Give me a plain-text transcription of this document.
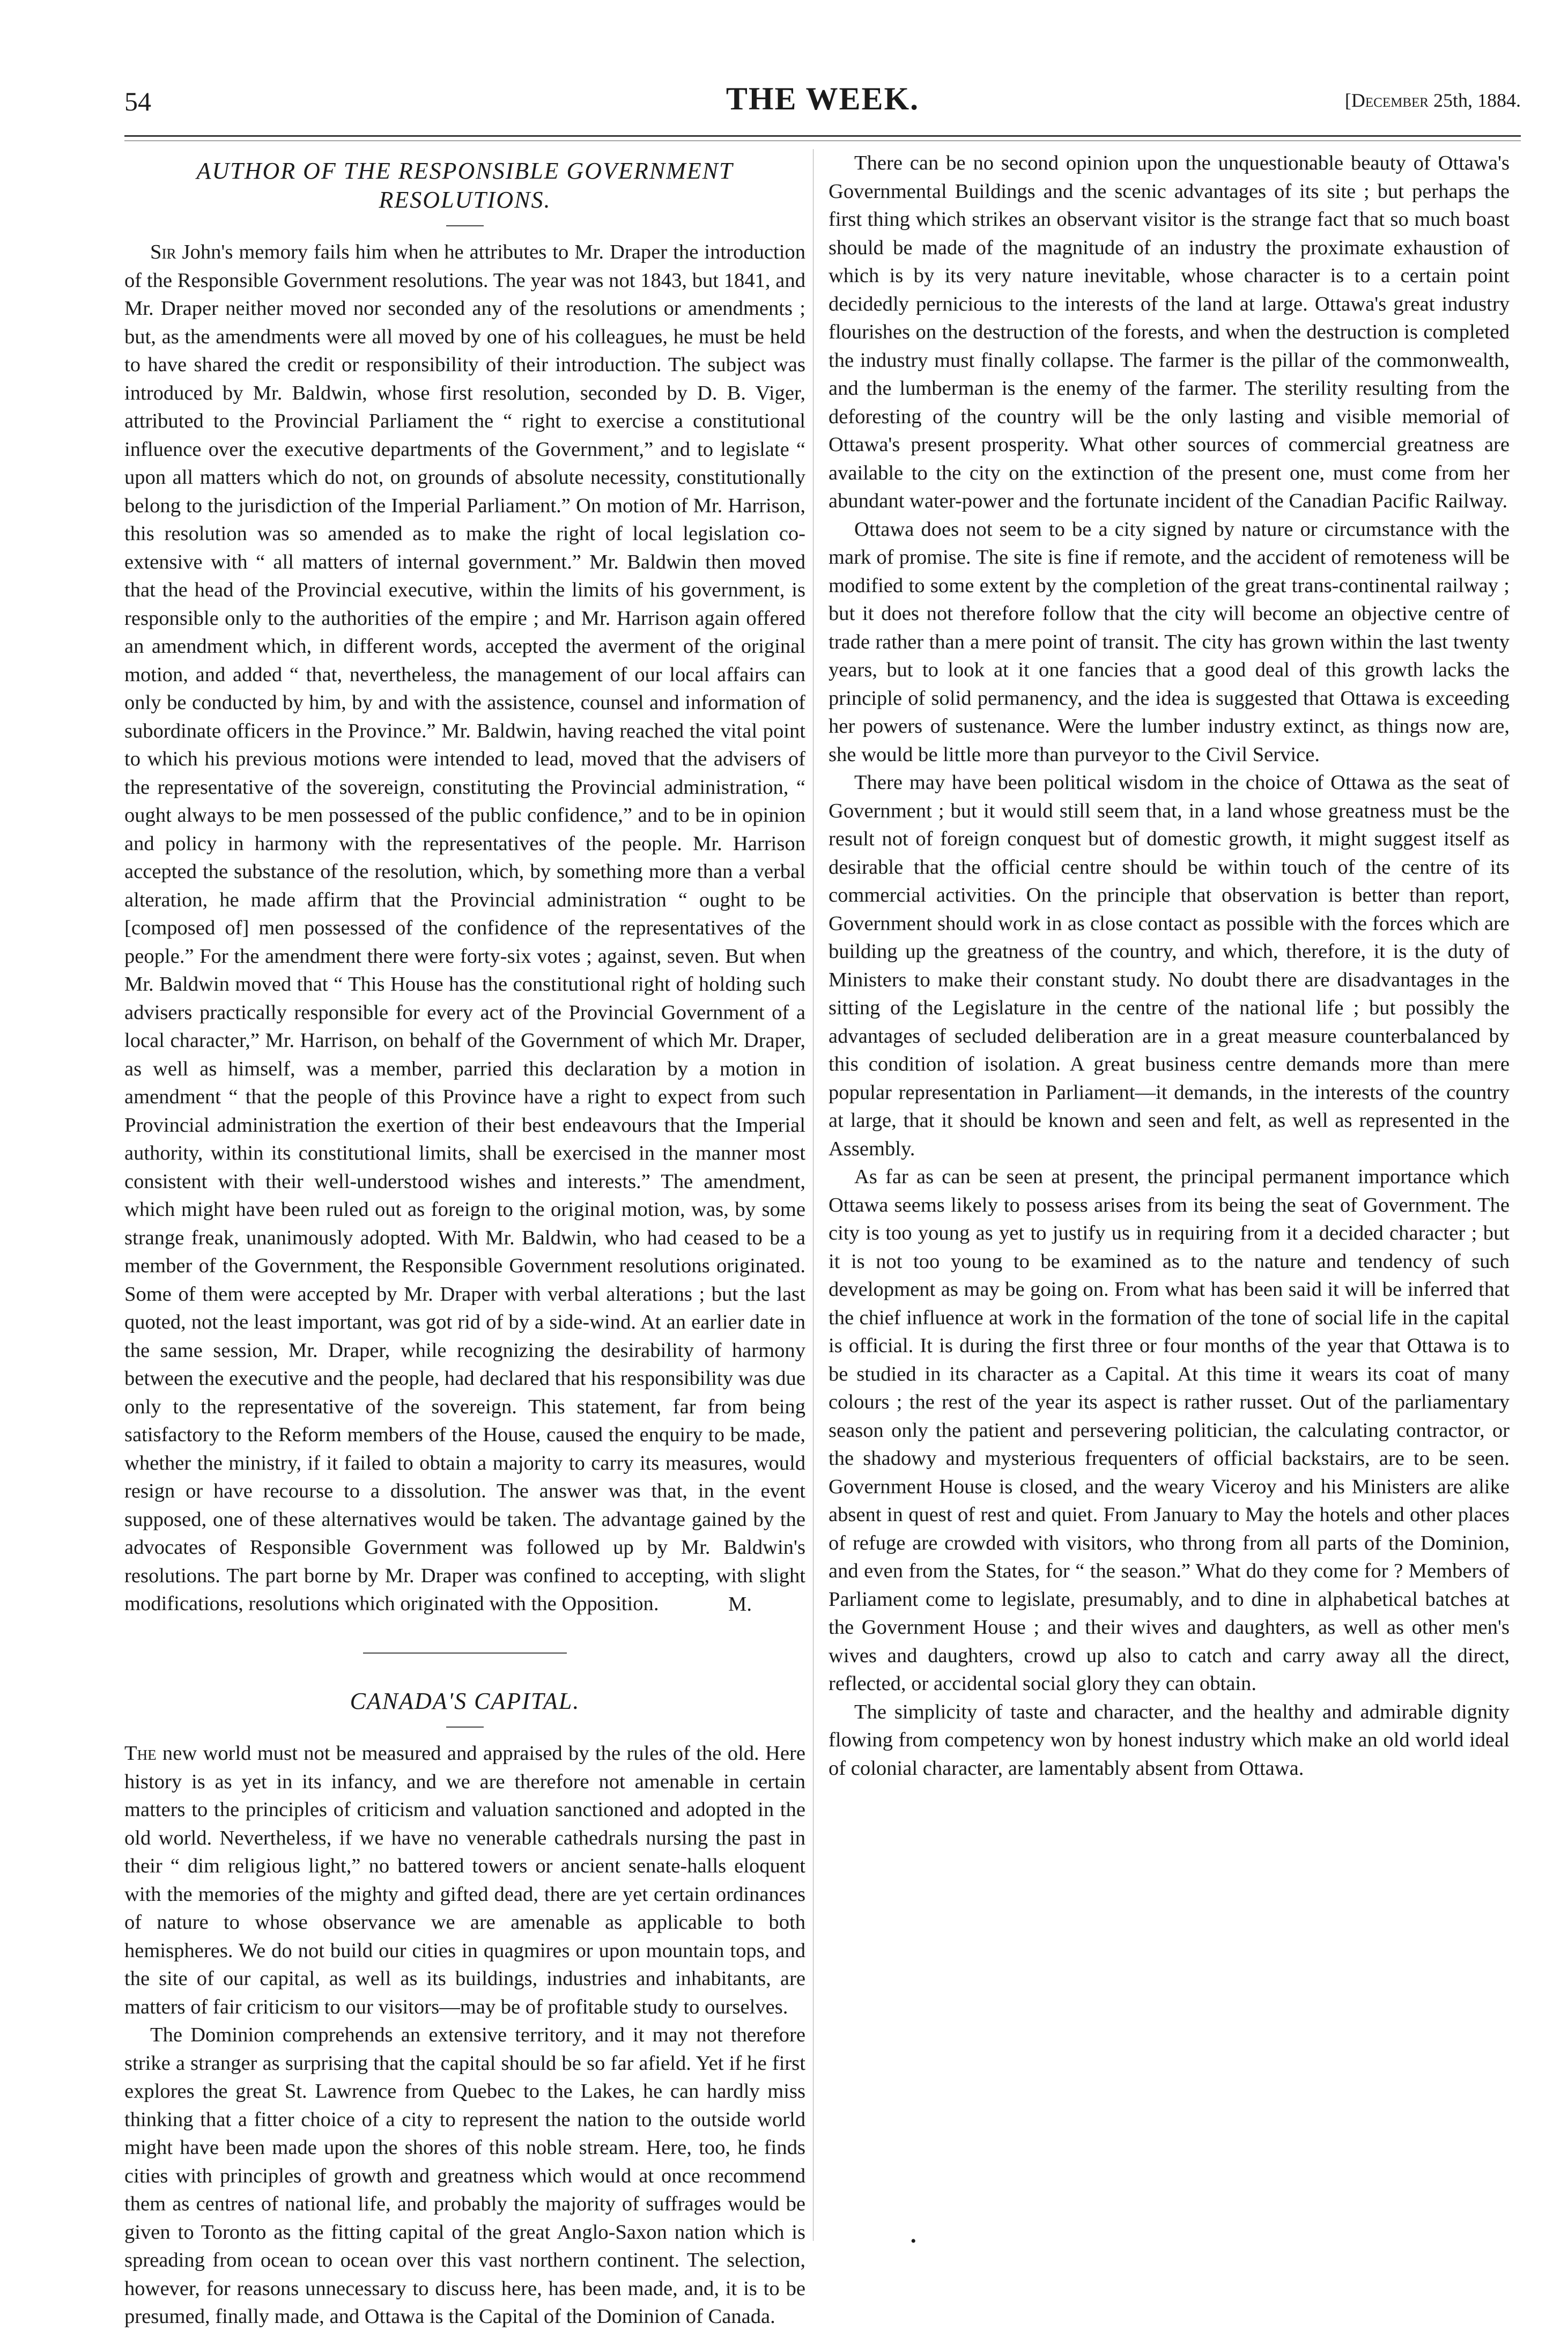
54	THE WEEK.	[December 25th, 1884.
AUTHOR OF THE RESPONSIBLE GOVERNMENT RESOLUTIONS.

Sir John's memory fails him when he attributes to Mr. Draper the introduction of the Responsible Government resolutions. The year was not 1843, but 1841, and Mr. Draper neither moved nor seconded any of the resolutions or amendments ; but, as the amendments were all moved by one of his colleagues, he must be held to have shared the credit or responsibility of their introduction. The subject was introduced by Mr. Baldwin, whose first resolution, seconded by D. B. Viger, attributed to the Provincial Parliament the “ right to exercise a constitutional influence over the executive departments of the Government,” and to legislate “ upon all matters which do not, on grounds of absolute necessity, constitutionally belong to the jurisdiction of the Imperial Parliament.” On motion of Mr. Harrison, this resolution was so amended as to make the right of local legislation co-extensive with “ all matters of internal government.” Mr. Baldwin then moved that the head of the Provincial executive, within the limits of his government, is responsible only to the authorities of the empire ; and Mr. Harrison again offered an amendment which, in different words, accepted the averment of the original motion, and added “ that, nevertheless, the management of our local affairs can only be conducted by him, by and with the assistence, counsel and information of subordinate officers in the Province.” Mr. Baldwin, having reached the vital point to which his previous motions were intended to lead, moved that the advisers of the representative of the sovereign, constituting the Provincial administration, “ ought always to be men possessed of the public confidence,” and to be in opinion and policy in harmony with the representatives of the people. Mr. Harrison accepted the substance of the resolution, which, by something more than a verbal alteration, he made affirm that the Provincial administration “ ought to be [composed of] men possessed of the confidence of the representatives of the people.” For the amendment there were forty-six votes ; against, seven. But when Mr. Baldwin moved that “ This House has the constitutional right of holding such advisers practically responsible for every act of the Provincial Government of a local character,” Mr. Harrison, on behalf of the Government of which Mr. Draper, as well as himself, was a member, parried this declaration by a motion in amendment “ that the people of this Province have a right to expect from such Provincial administration the exertion of their best endeavours that the Imperial authority, within its constitutional limits, shall be exercised in the manner most consistent with their well-understood wishes and interests.” The amendment, which might have been ruled out as foreign to the original motion, was, by some strange freak, unanimously adopted. With Mr. Baldwin, who had ceased to be a member of the Government, the Responsible Government resolutions originated. Some of them were accepted by Mr. Draper with verbal alterations ; but the last quoted, not the least important, was got rid of by a side-wind. At an earlier date in the same session, Mr. Draper, while recognizing the desirability of harmony between the executive and the people, had declared that his responsibility was due only to the representative of the sovereign. This statement, far from being satisfactory to the Reform members of the House, caused the enquiry to be made, whether the ministry, if it failed to obtain a majority to carry its measures, would resign or have recourse to a dissolution. The answer was that, in the event supposed, one of these alternatives would be taken. The advantage gained by the advocates of Responsible Government was followed up by Mr. Baldwin's resolutions. The part borne by Mr. Draper was confined to accepting, with slight modifications, resolutions which originated with the Opposition.	M.
CANADA'S CAPITAL.

The new world must not be measured and appraised by the rules of the old. Here history is as yet in its infancy, and we are therefore not amenable in certain matters to the principles of criticism and valuation sanctioned and adopted in the old world. Nevertheless, if we have no venerable cathedrals nursing the past in their “ dim religious light,” no battered towers or ancient senate-halls eloquent with the memories of the mighty and gifted dead, there are yet certain ordinances of nature to whose observance we are amenable as applicable to both hemispheres. We do not build our cities in quagmires or upon mountain tops, and the site of our capital, as well as its buildings, industries and inhabitants, are matters of fair criticism to our visitors—may be of profitable study to ourselves.

The Dominion comprehends an extensive territory, and it may not therefore strike a stranger as surprising that the capital should be so far afield. Yet if he first explores the great St. Lawrence from Quebec to the Lakes, he can hardly miss thinking that a fitter choice of a city to represent the nation to the outside world might have been made upon the shores of this noble stream. Here, too, he finds cities with principles of growth and greatness which would at once recommend them as centres of national life, and probably the majority of suffrages would be given to Toronto as the fitting capital of the great Anglo-Saxon nation which is spreading from ocean to ocean over this vast northern continent. The selection, however, for reasons unnecessary to discuss here, has been made, and, it is to be presumed, finally made, and Ottawa is the Capital of the Dominion of Canada.

There can be no second opinion upon the unquestionable beauty of Ottawa's Governmental Buildings and the scenic advantages of its site ; but perhaps the first thing which strikes an observant visitor is the strange fact that so much boast should be made of the magnitude of an industry the proximate exhaustion of which is by its very nature inevitable, whose character is to a certain point decidedly pernicious to the interests of the land at large. Ottawa's great industry flourishes on the destruction of the forests, and when the destruction is completed the industry must finally collapse. The farmer is the pillar of the commonwealth, and the lumberman is the enemy of the farmer. The sterility resulting from the deforesting of the country will be the only lasting and visible memorial of Ottawa's present prosperity. What other sources of commercial greatness are available to the city on the extinction of the present one, must come from her abundant water-power and the fortunate incident of the Canadian Pacific Railway.

Ottawa does not seem to be a city signed by nature or circumstance with the mark of promise. The site is fine if remote, and the accident of remoteness will be modified to some extent by the completion of the great trans-continental railway ; but it does not therefore follow that the city will become an objective centre of trade rather than a mere point of transit. The city has grown within the last twenty years, but to look at it one fancies that a good deal of this growth lacks the principle of solid permanency, and the idea is suggested that Ottawa is exceeding her powers of sustenance. Were the lumber industry extinct, as things now are, she would be little more than purveyor to the Civil Service.

There may have been political wisdom in the choice of Ottawa as the seat of Government ; but it would still seem that, in a land whose greatness must be the result not of foreign conquest but of domestic growth, it might suggest itself as desirable that the official centre should be within touch of the centre of its commercial activities. On the principle that observation is better than report, Government should work in as close contact as possible with the forces which are building up the greatness of the country, and which, therefore, it is the duty of Ministers to make their constant study. No doubt there are disadvantages in the sitting of the Legislature in the centre of the national life ; but possibly the advantages of secluded deliberation are in a great measure counterbalanced by this condition of isolation. A great business centre demands more than mere popular representation in Parliament—it demands, in the interests of the country at large, that it should be known and seen and felt, as well as represented in the Assembly.

As far as can be seen at present, the principal permanent importance which Ottawa seems likely to possess arises from its being the seat of Government. The city is too young as yet to justify us in requiring from it a decided character ; but it is not too young to be examined as to the nature and tendency of such development as may be going on. From what has been said it will be inferred that the chief influence at work in the formation of the tone of social life in the capital is official. It is during the first three or four months of the year that Ottawa is to be studied in its character as a Capital. At this time it wears its coat of many colours ; the rest of the year its aspect is rather russet. Out of the parliamentary season only the patient and persevering politician, the calculating contractor, or the shadowy and mysterious frequenters of official backstairs, are to be seen. Government House is closed, and the weary Viceroy and his Ministers are alike absent in quest of rest and quiet. From January to May the hotels and other places of refuge are crowded with visitors, who throng from all parts of the Dominion, and even from the States, for “ the season.” What do they come for ? Members of Parliament come to legislate, presumably, and to dine in alphabetical batches at the Government House ; and their wives and daughters, as well as other men's wives and daughters, crowd up also to catch and carry away all the direct, reflected, or accidental social glory they can obtain.

The simplicity of taste and character, and the healthy and admirable dignity flowing from competency won by honest industry which make an old world ideal of colonial character, are lamentably absent from Ottawa.

•
